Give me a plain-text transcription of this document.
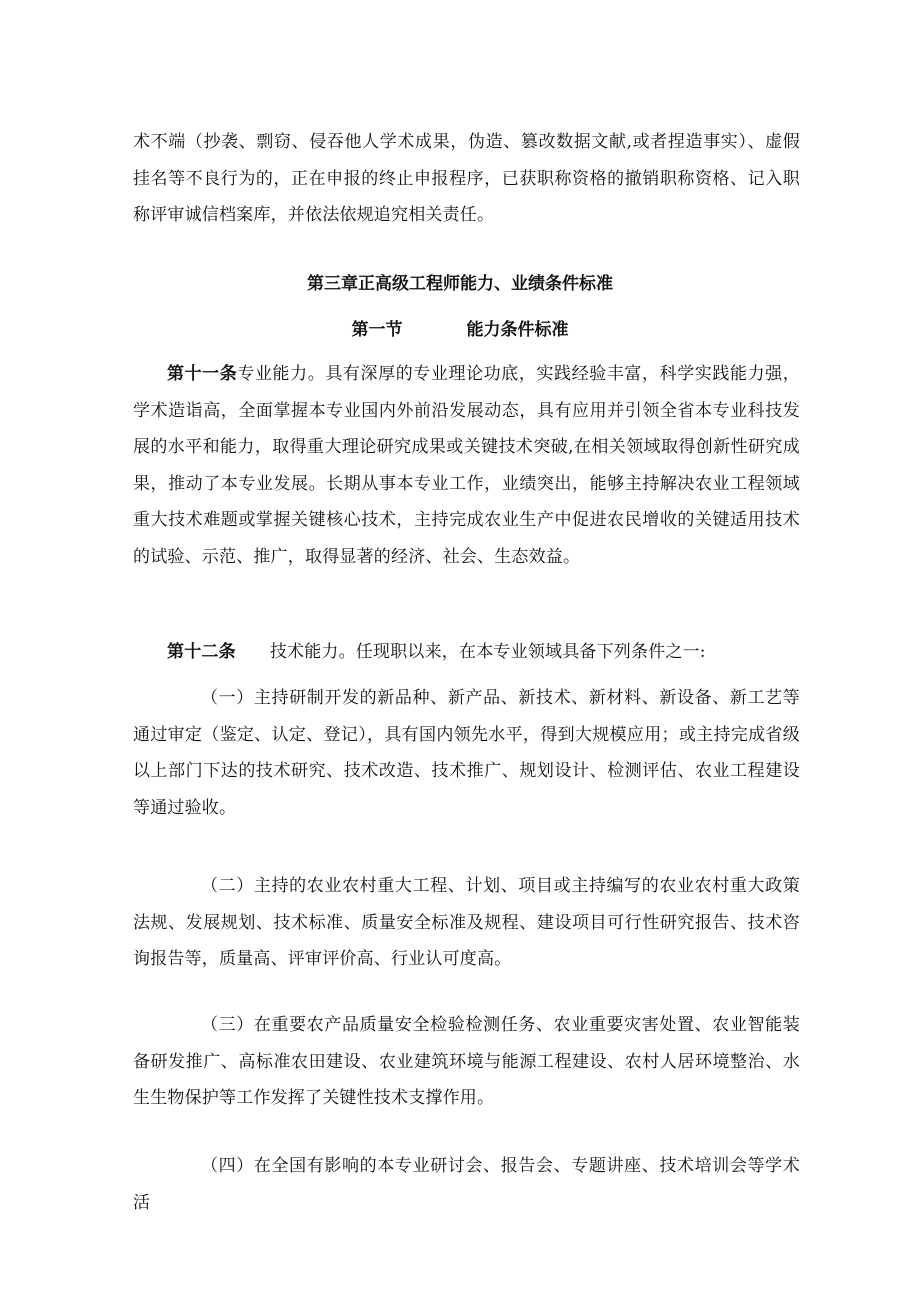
术不端（抄袭、剽窃、侵吞他人学术成果，伪造、篡改数据文献,或者捏造事实）、虚假挂名等不良行为的，正在申报的终止申报程序，已获职称资格的撤销职称资格、记入职称评审诚信档案库，并依法依规追究相关责任。

第三章正高级工程师能力、业绩条件标准
第一节	能力条件标准

第十一条专业能力。具有深厚的专业理论功底，实践经验丰富，科学实践能力强，学术造诣高，全面掌握本专业国内外前沿发展动态，具有应用并引领全省本专业科技发展的水平和能力，取得重大理论研究成果或关键技术突破,在相关领域取得创新性研究成果，推动了本专业发展。长期从事本专业工作，业绩突出，能够主持解决农业工程领域重大技术难题或掌握关键核心技术，主持完成农业生产中促进农民增收的关键适用技术的试验、示范、推广，取得显著的经济、社会、生态效益。

第十二条 技术能力。任现职以来，在本专业领域具备下列条件之一:

（一）主持研制开发的新品种、新产品、新技术、新材料、新设备、新工艺等通过审定（鉴定、认定、登记），具有国内领先水平，得到大规模应用；或主持完成省级以上部门下达的技术研究、技术改造、技术推广、规划设计、检测评估、农业工程建设等通过验收。

（二）主持的农业农村重大工程、计划、项目或主持编写的农业农村重大政策法规、发展规划、技术标准、质量安全标准及规程、建设项目可行性研究报告、技术咨询报告等，质量高、评审评价高、行业认可度高。

（三）在重要农产品质量安全检验检测任务、农业重要灾害处置、农业智能装备研发推广、高标准农田建设、农业建筑环境与能源工程建设、农村人居环境整治、水生生物保护等工作发挥了关键性技术支撑作用。

（四）在全国有影响的本专业研讨会、报告会、专题讲座、技术培训会等学术活
